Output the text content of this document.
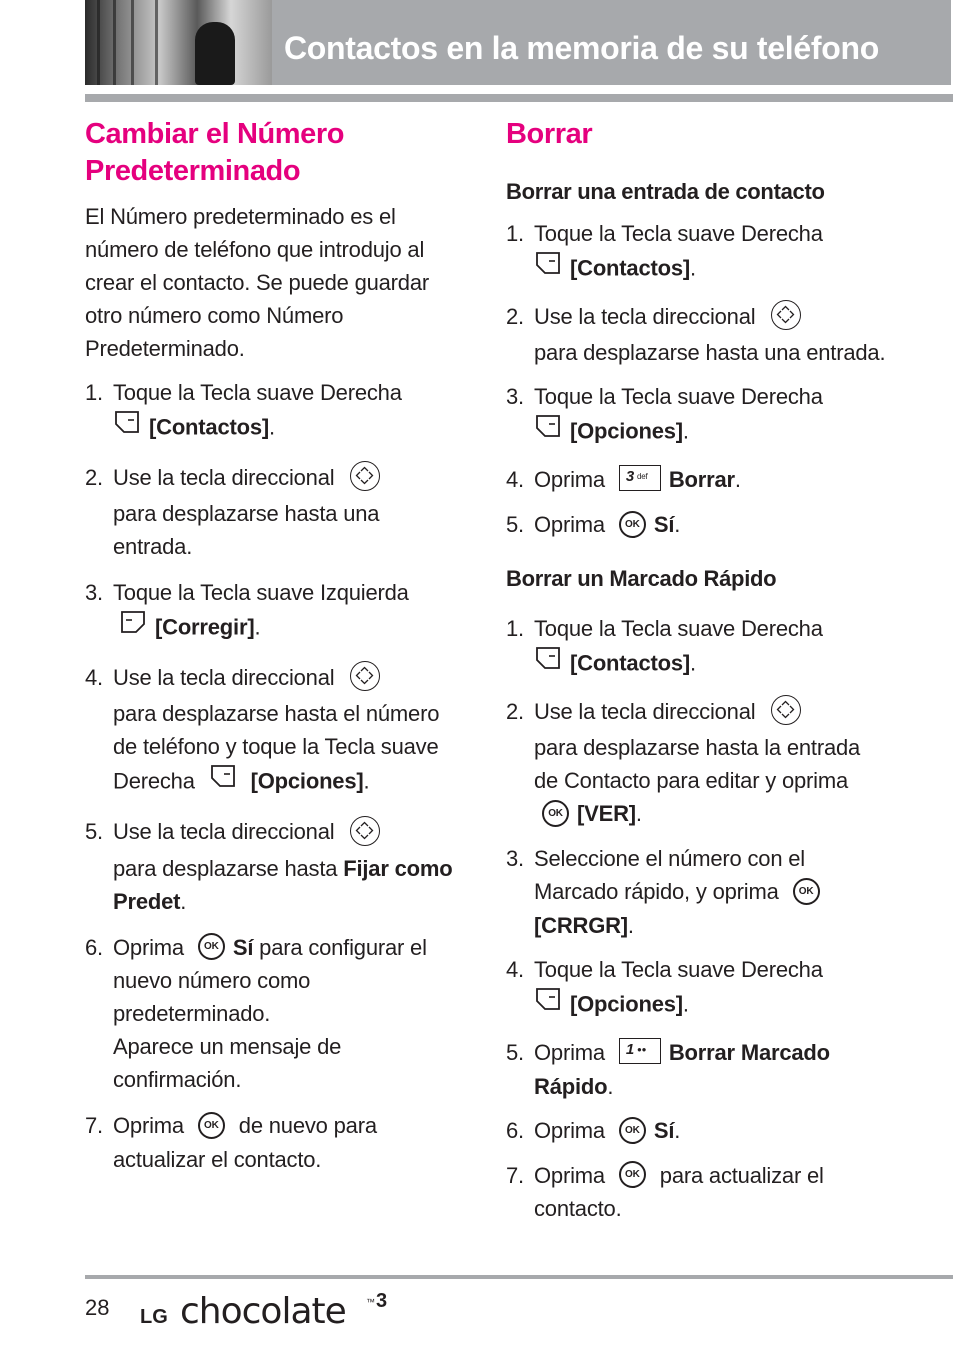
Contactos en la memoria de su teléfono
Cambiar el Número Predeterminado

El Número predeterminado es el número de teléfono que introdujo al crear el contacto. Se puede guardar otro número como Número Predeterminado.

1. Toque la Tecla suave Derecha
[Contactos].
2. Use la tecla direccional

para desplazarse hasta una entrada.
3. Toque la Tecla suave Izquierda
[Corregir].
4. Use la tecla direccional

para desplazarse hasta el número de teléfono y toque la Tecla suave Derecha	[Opciones].
5. Use la tecla direccional

para desplazarse hasta Fijar como Predet.
6. Oprima OK Sí para configurar el nuevo número como predeterminado.
Aparece un mensaje de confirmación.
7. Oprima OK de nuevo para actualizar el contacto.
Borrar
Borrar una entrada de contacto
1. Toque la Tecla suave Derecha
[Contactos].
2. Use la tecla direccional

para desplazarse hasta una entrada.
3. Toque la Tecla suave Derecha
[Opciones].
4. Oprima 3 def Borrar.
5. Oprima OK Sí.
Borrar un Marcado Rápido
1. Toque la Tecla suave Derecha
[Contactos].
2. Use la tecla direccional

para desplazarse hasta la entrada de Contacto para editar y oprima OK [VER].
3. Seleccione el número con el Marcado rápido, y oprima OK
[CRRGR].
4. Toque la Tecla suave Derecha
[Opciones].
5. Oprima 1 ●● Borrar Marcado Rápido.
6. Oprima OK Sí.
7. Oprima OK para actualizar el contacto.
28 LG chocolate ™ 3
